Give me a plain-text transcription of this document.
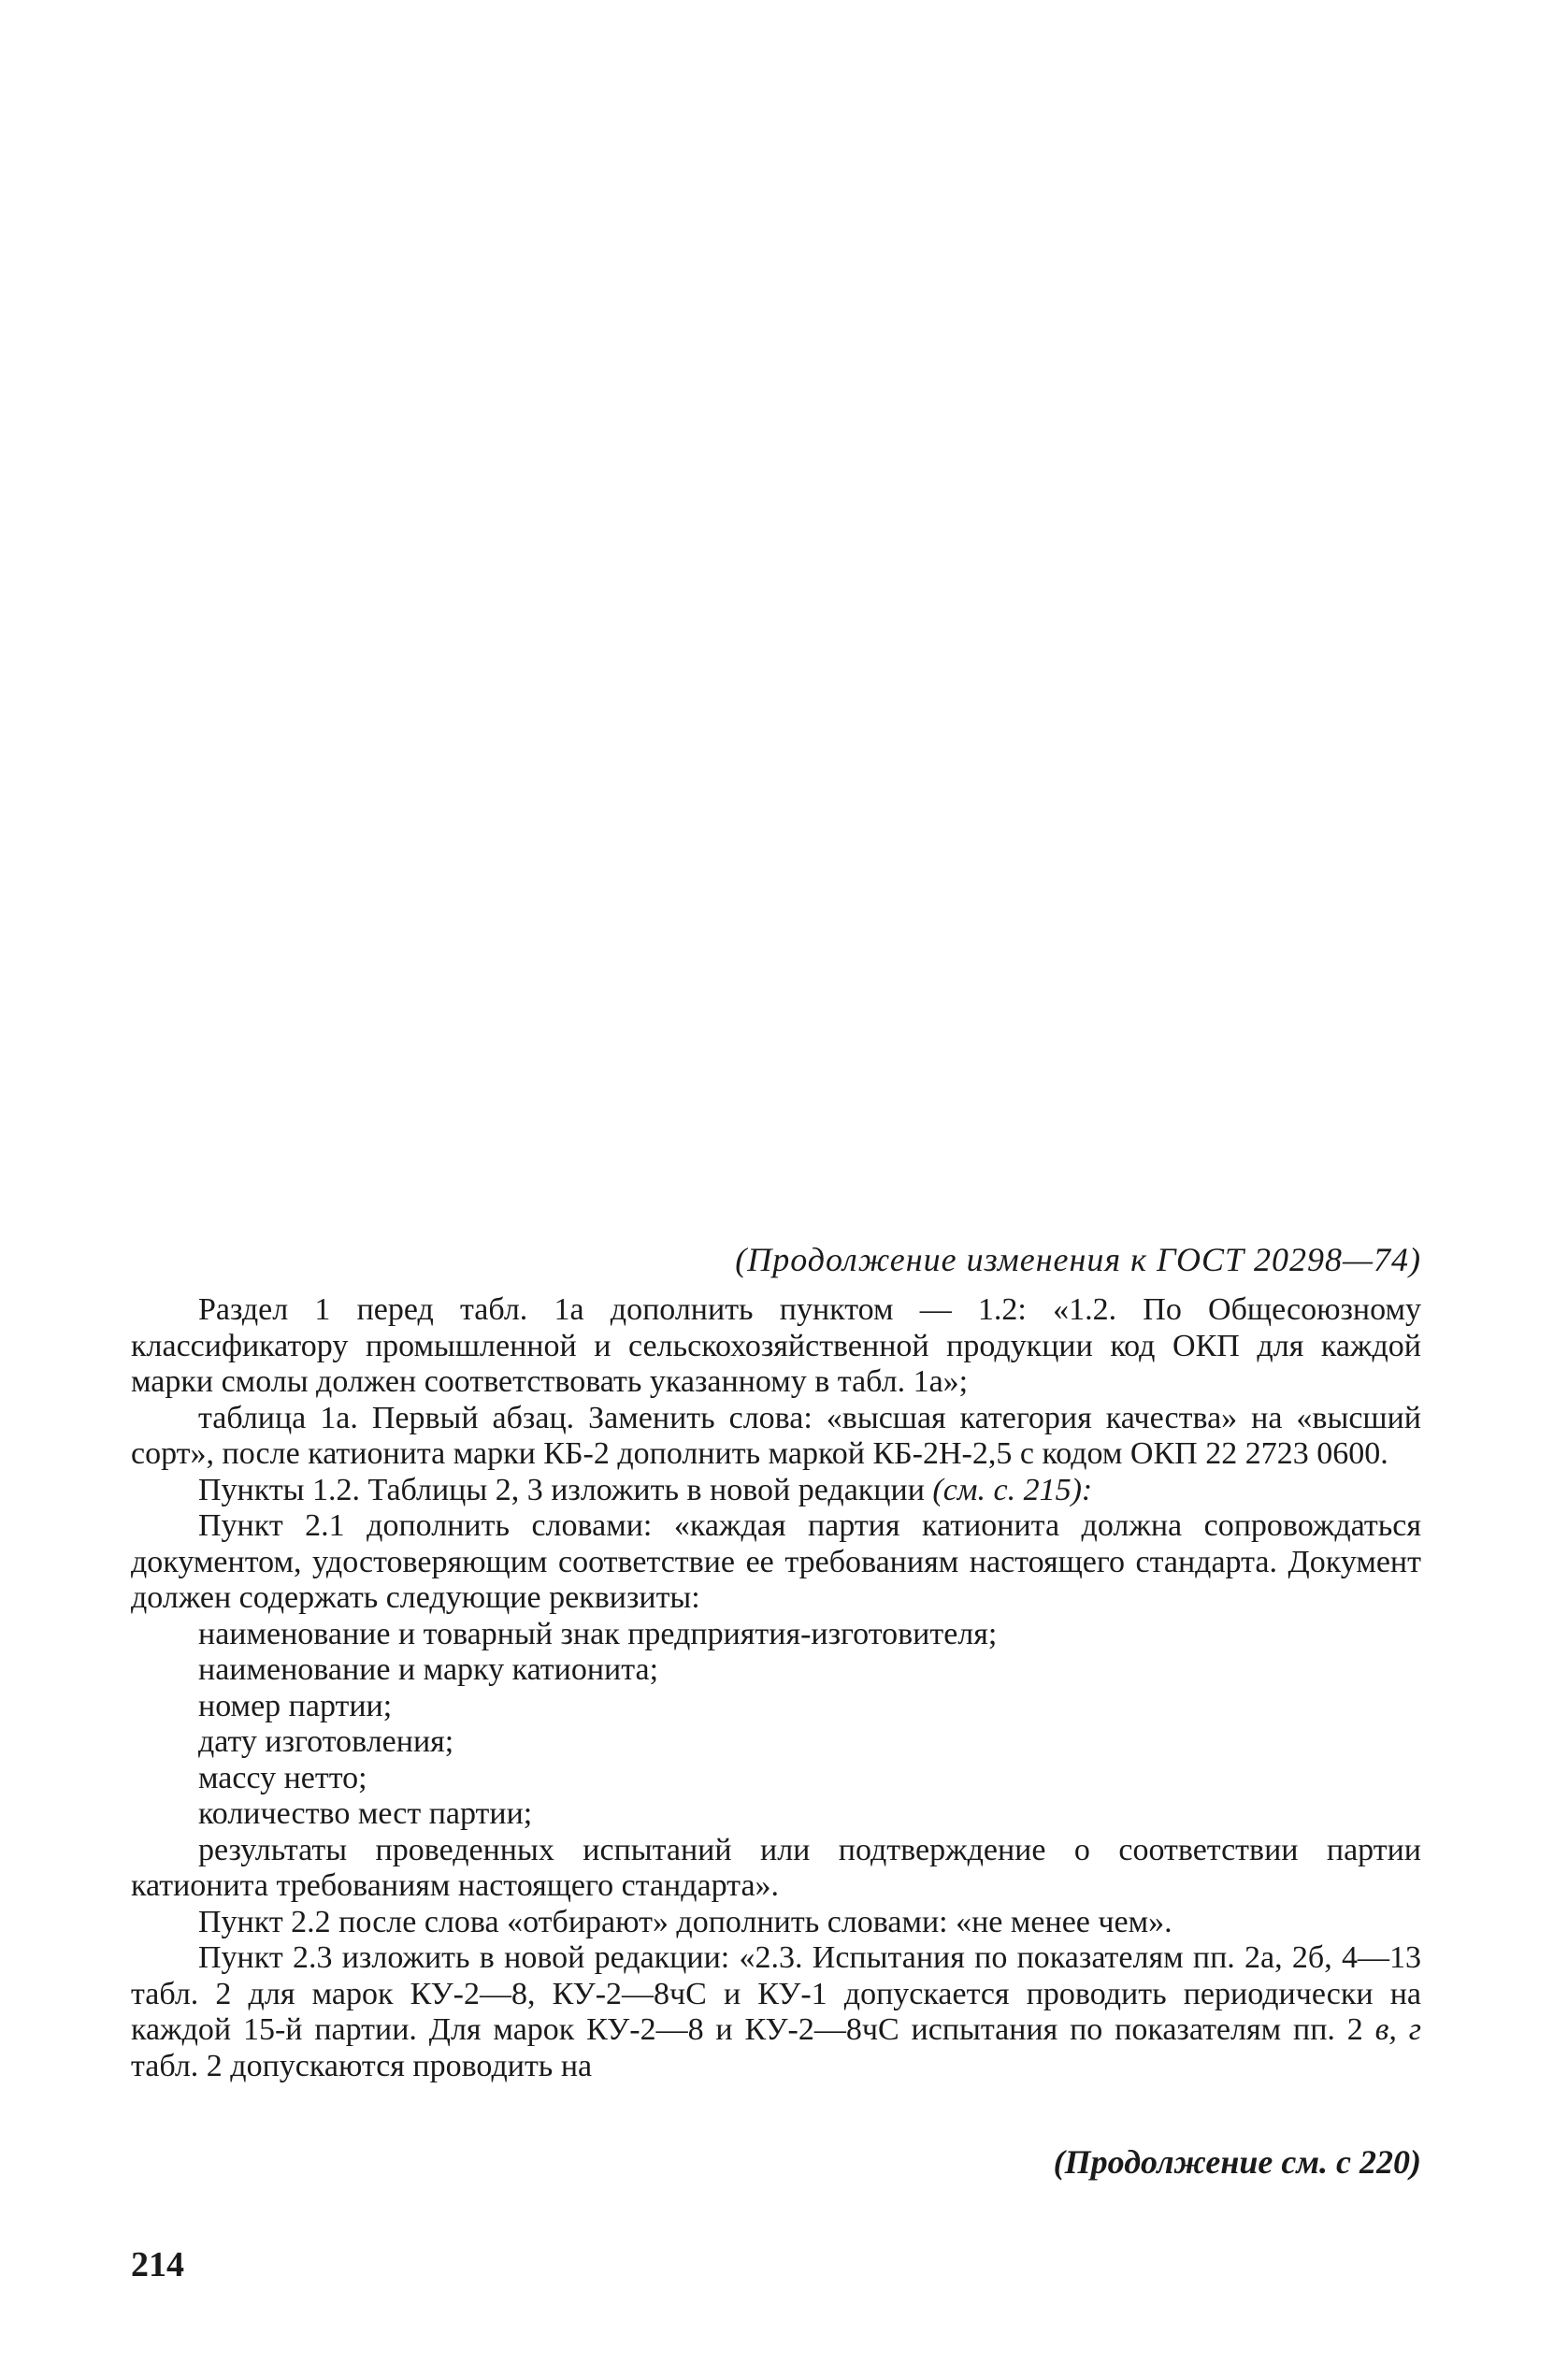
(Продолжение изменения к ГОСТ 20298—74)

Раздел 1 перед табл. 1а дополнить пунктом — 1.2: «1.2. По Общесоюзному классификатору промышленной и сельскохозяйственной продукции код ОКП для каждой марки смолы должен соответствовать указанному в табл. 1а»;

таблица 1а. Первый абзац. Заменить слова: «высшая категория качества» на «высший сорт», после катионита марки КБ-2 дополнить маркой КБ-2Н-2,5 с кодом ОКП 22 2723 0600.

Пункты 1.2. Таблицы 2, 3 изложить в новой редакции (см. с. 215):

Пункт 2.1 дополнить словами: «каждая партия катионита должна сопровождаться документом, удостоверяющим соответствие ее требованиям настоящего стандарта. Документ должен содержать следующие реквизиты:

наименование и товарный знак предприятия-изготовителя;

наименование и марку катионита;

номер партии;

дату изготовления;

массу нетто;

количество мест партии;

результаты проведенных испытаний или подтверждение о соответствии партии катионита требованиям настоящего стандарта».

Пункт 2.2 после слова «отбирают» дополнить словами: «не менее чем».

Пункт 2.3 изложить в новой редакции: «2.3. Испытания по показателям пп. 2а, 2б, 4—13 табл. 2 для марок КУ-2—8, КУ-2—8чС и КУ-1 допускается проводить периодически на каждой 15-й партии. Для марок КУ-2—8 и КУ-2—8чС испытания по показателям пп. 2 в, г табл. 2 допускаются проводить на

(Продолжение см. с 220)
214
